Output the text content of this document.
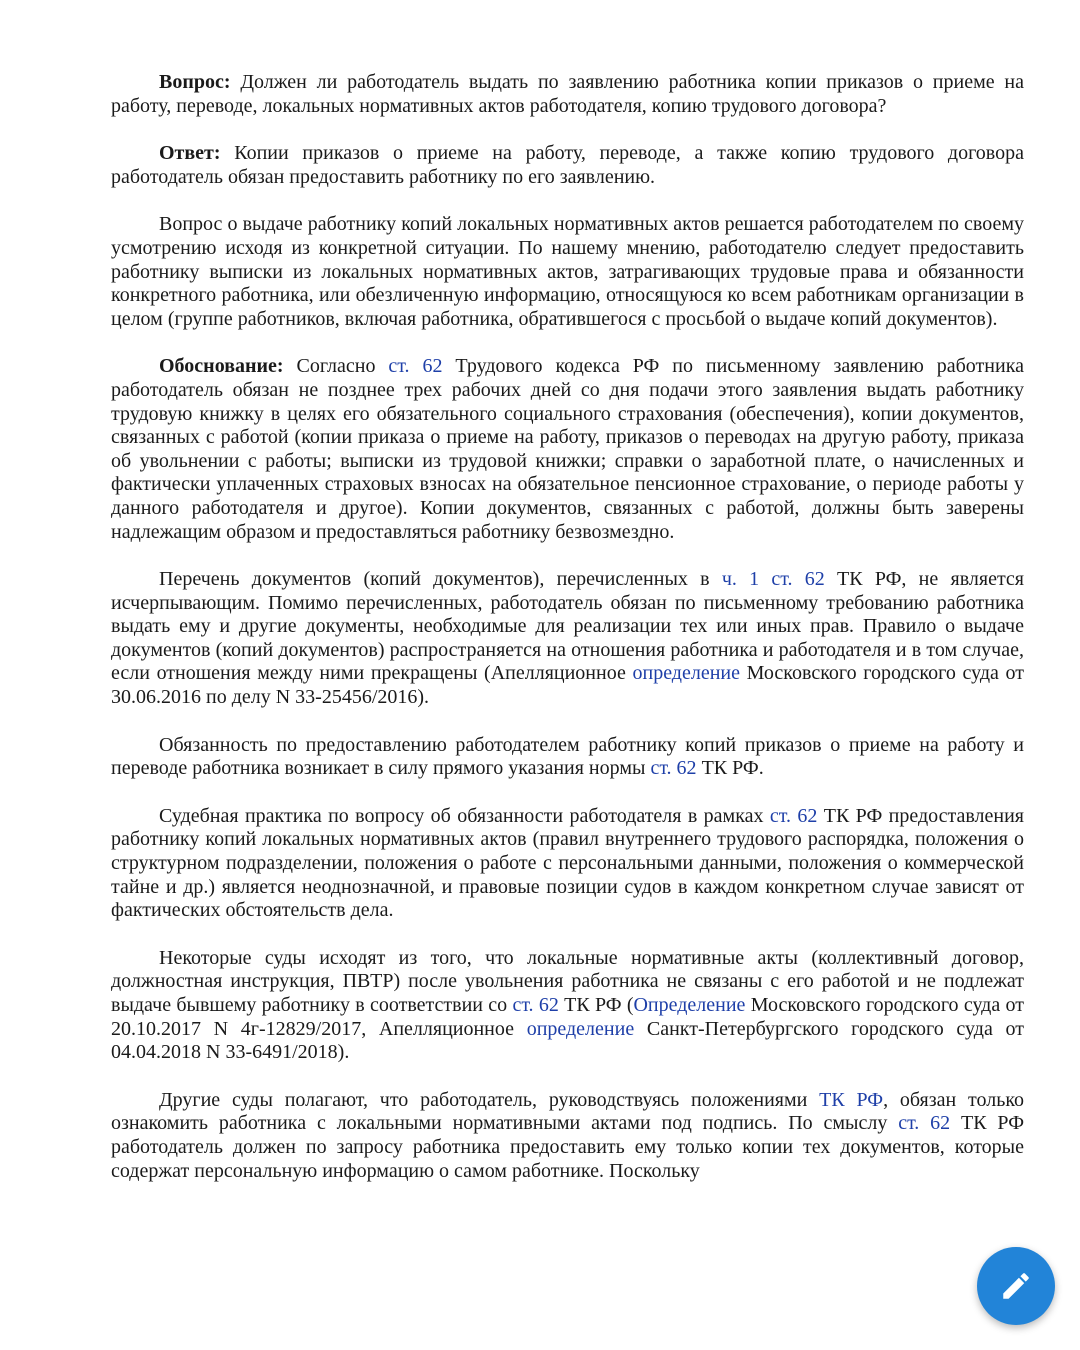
Вопрос: Должен ли работодатель выдать по заявлению работника копии приказов о приеме на работу, переводе, локальных нормативных актов работодателя, копию трудового договора?

Ответ: Копии приказов о приеме на работу, переводе, а также копию трудового договора работодатель обязан предоставить работнику по его заявлению.

Вопрос о выдаче работнику копий локальных нормативных актов решается работодателем по своему усмотрению исходя из конкретной ситуации. По нашему мнению, работодателю следует предоставить работнику выписки из локальных нормативных актов, затрагивающих трудовые права и обязанности конкретного работника, или обезличенную информацию, относящуюся ко всем работникам организации в целом (группе работников, включая работника, обратившегося с просьбой о выдаче копий документов).

Обоснование: Согласно ст. 62 Трудового кодекса РФ по письменному заявлению работника работодатель обязан не позднее трех рабочих дней со дня подачи этого заявления выдать работнику трудовую книжку в целях его обязательного социального страхования (обеспечения), копии документов, связанных с работой (копии приказа о приеме на работу, приказов о переводах на другую работу, приказа об увольнении с работы; выписки из трудовой книжки; справки о заработной плате, о начисленных и фактически уплаченных страховых взносах на обязательное пенсионное страхование, о периоде работы у данного работодателя и другое). Копии документов, связанных с работой, должны быть заверены надлежащим образом и предоставляться работнику безвозмездно.

Перечень документов (копий документов), перечисленных в ч. 1 ст. 62 ТК РФ, не является исчерпывающим. Помимо перечисленных, работодатель обязан по письменному требованию работника выдать ему и другие документы, необходимые для реализации тех или иных прав. Правило о выдаче документов (копий документов) распространяется на отношения работника и работодателя и в том случае, если отношения между ними прекращены (Апелляционное определение Московского городского суда от 30.06.2016 по делу N 33-25456/2016).

Обязанность по предоставлению работодателем работнику копий приказов о приеме на работу и переводе работника возникает в силу прямого указания нормы ст. 62 ТК РФ.

Судебная практика по вопросу об обязанности работодателя в рамках ст. 62 ТК РФ предоставления работнику копий локальных нормативных актов (правил внутреннего трудового распорядка, положения о структурном подразделении, положения о работе с персональными данными, положения о коммерческой тайне и др.) является неоднозначной, и правовые позиции судов в каждом конкретном случае зависят от фактических обстоятельств дела.

Некоторые суды исходят из того, что локальные нормативные акты (коллективный договор, должностная инструкция, ПВТР) после увольнения работника не связаны с его работой и не подлежат выдаче бывшему работнику в соответствии со ст. 62 ТК РФ (Определение Московского городского суда от 20.10.2017 N 4г-12829/2017, Апелляционное определение Санкт-Петербургского городского суда от 04.04.2018 N 33-6491/2018).

Другие суды полагают, что работодатель, руководствуясь положениями ТК РФ, обязан только ознакомить работника с локальными нормативными актами под подпись. По смыслу ст. 62 ТК РФ работодатель должен по запросу работника предоставить ему только копии тех документов, которые содержат персональную информацию о самом работнике. Поскольку
